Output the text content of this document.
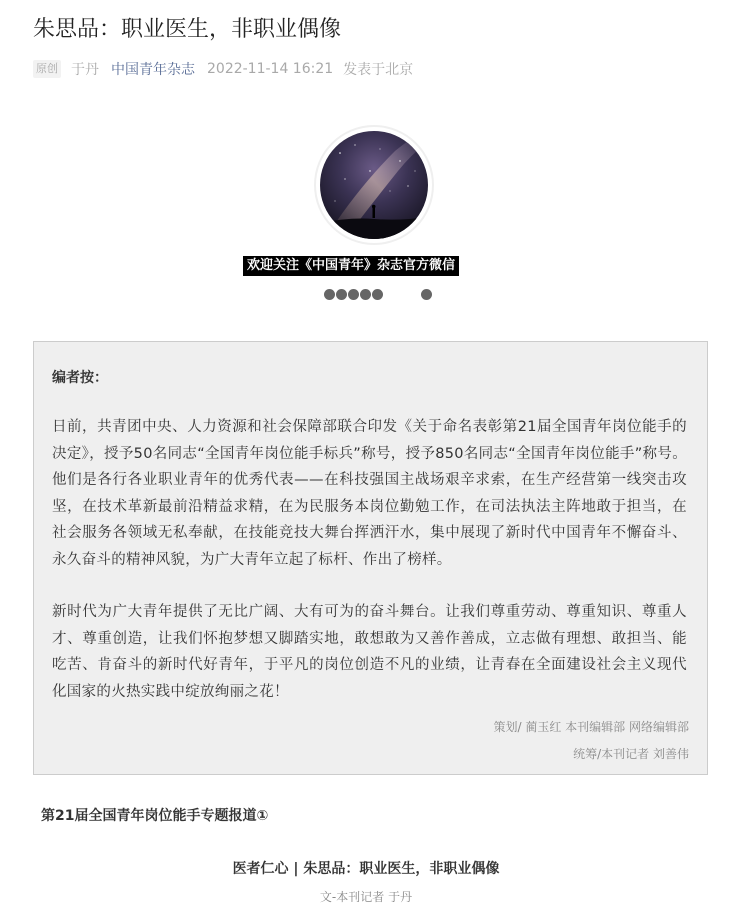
朱思品：职业医生，非职业偶像
原创 于丹 中国青年杂志 2022-11-14 16:21 发表于北京
欢迎关注《中国青年》杂志官方微信
编者按：

日前，共青团中央、人力资源和社会保障部联合印发《关于命名表彰第21届全国青年岗位能手的决定》，授予50名同志“全国青年岗位能手标兵”称号，授予850名同志“全国青年岗位能手”称号。他们是各行各业职业青年的优秀代表——在科技强国主战场艰辛求索，在生产经营第一线突击攻坚，在技术革新最前沿精益求精，在为民服务本岗位勤勉工作，在司法执法主阵地敢于担当，在社会服务各领域无私奉献，在技能竞技大舞台挥洒汗水，集中展现了新时代中国青年不懈奋斗、永久奋斗的精神风貌，为广大青年立起了标杆、作出了榜样。

新时代为广大青年提供了无比广阔、大有可为的奋斗舞台。让我们尊重劳动、尊重知识、尊重人才、尊重创造，让我们怀抱梦想又脚踏实地，敢想敢为又善作善成，立志做有理想、敢担当、能吃苦、肯奋斗的新时代好青年，于平凡的岗位创造不凡的业绩，让青春在全面建设社会主义现代化国家的火热实践中绽放绚丽之花！

策划/ 蔺玉红 本刊编辑部 网络编辑部
统筹/本刊记者 刘善伟
第21届全国青年岗位能手专题报道①
医者仁心 | 朱思品：职业医生，非职业偶像
文-本刊记者 于丹
